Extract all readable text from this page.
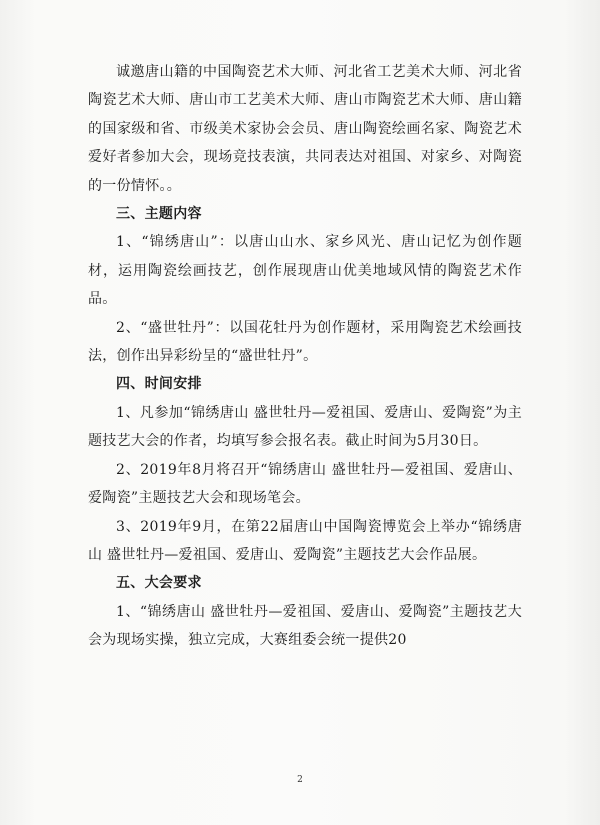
诚邀唐山籍的中国陶瓷艺术大师、河北省工艺美术大师、河北省陶瓷艺术大师、唐山市工艺美术大师、唐山市陶瓷艺术大师、唐山籍的国家级和省、市级美术家协会会员、唐山陶瓷绘画名家、陶瓷艺术爱好者参加大会，现场竞技表演，共同表达对祖国、对家乡、对陶瓷的一份情怀。。

三、主题内容

1、“锦绣唐山”：以唐山山水、家乡风光、唐山记忆为创作题材，运用陶瓷绘画技艺，创作展现唐山优美地域风情的陶瓷艺术作品。

2、“盛世牡丹”：以国花牡丹为创作题材，采用陶瓷艺术绘画技法，创作出异彩纷呈的“盛世牡丹”。

四、时间安排

1、凡参加“锦绣唐山 盛世牡丹—爱祖国、爱唐山、爱陶瓷”为主题技艺大会的作者，均填写参会报名表。截止时间为5月30日。

2、2019年8月将召开“锦绣唐山 盛世牡丹—爱祖国、爱唐山、爱陶瓷”主题技艺大会和现场笔会。

3、2019年9月，在第22届唐山中国陶瓷博览会上举办“锦绣唐山 盛世牡丹—爱祖国、爱唐山、爱陶瓷”主题技艺大会作品展。

五、大会要求

1、“锦绣唐山 盛世牡丹—爱祖国、爱唐山、爱陶瓷”主题技艺大会为现场实操，独立完成，大赛组委会统一提供20

2
